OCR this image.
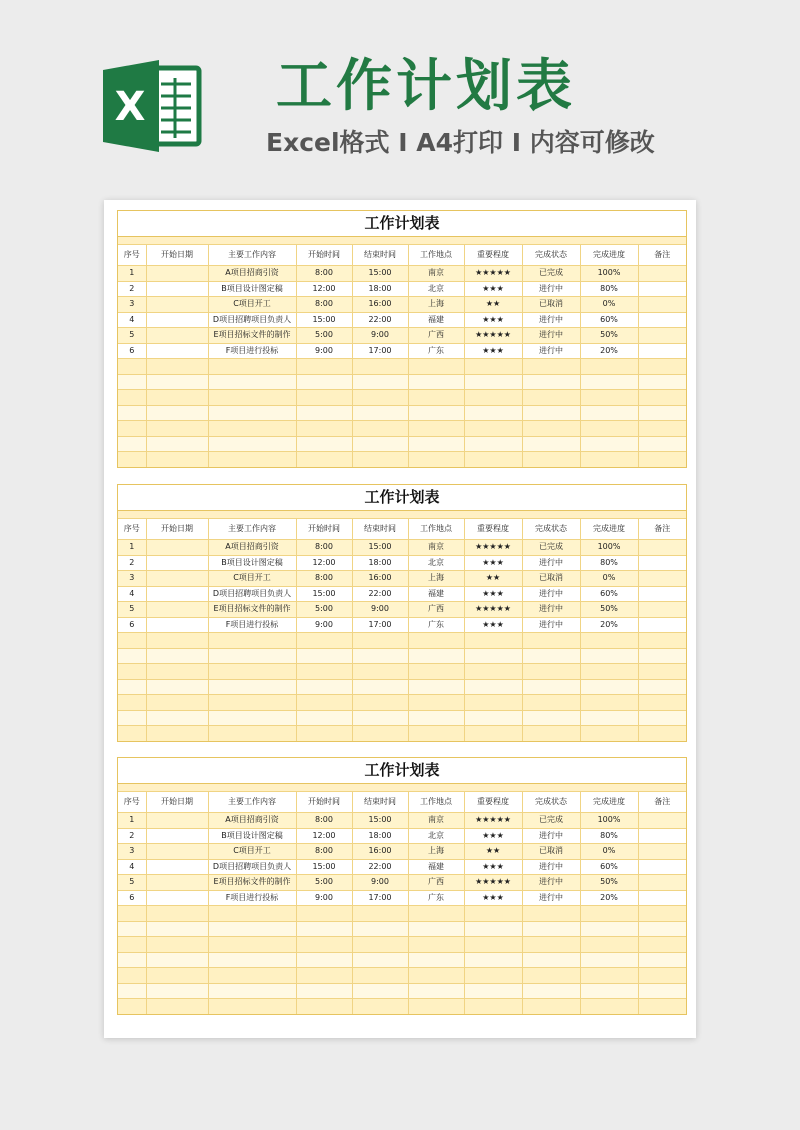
X 工作计划表
Excel格式 I A4打印 I 内容可修改
工作计划表
序号	开始日期	主要工作内容	开始时间	结束时间	工作地点	重要程度	完成状态	完成进度	备注
1		A项目招商引资	8:00	15:00	南京	★★★★★	已完成	100%	
2		B项目设计图定稿	12:00	18:00	北京	★★★	进行中	80%	
3		C项目开工	8:00	16:00	上海	★★	已取消	0%	
4		D项目招聘项目负责人	15:00	22:00	福建	★★★	进行中	60%	
5		E项目招标文件的制作	5:00	9:00	广西	★★★★★	进行中	50%	
6		F项目进行投标	9:00	17:00	广东	★★★	进行中	20%	

工作计划表
序号	开始日期	主要工作内容	开始时间	结束时间	工作地点	重要程度	完成状态	完成进度	备注
1		A项目招商引资	8:00	15:00	南京	★★★★★	已完成	100%	
2		B项目设计图定稿	12:00	18:00	北京	★★★	进行中	80%	
3		C项目开工	8:00	16:00	上海	★★	已取消	0%	
4		D项目招聘项目负责人	15:00	22:00	福建	★★★	进行中	60%	
5		E项目招标文件的制作	5:00	9:00	广西	★★★★★	进行中	50%	
6		F项目进行投标	9:00	17:00	广东	★★★	进行中	20%	

工作计划表
序号	开始日期	主要工作内容	开始时间	结束时间	工作地点	重要程度	完成状态	完成进度	备注
1		A项目招商引资	8:00	15:00	南京	★★★★★	已完成	100%	
2		B项目设计图定稿	12:00	18:00	北京	★★★	进行中	80%	
3		C项目开工	8:00	16:00	上海	★★	已取消	0%	
4		D项目招聘项目负责人	15:00	22:00	福建	★★★	进行中	60%	
5		E项目招标文件的制作	5:00	9:00	广西	★★★★★	进行中	50%	
6		F项目进行投标	9:00	17:00	广东	★★★	进行中	20%	
